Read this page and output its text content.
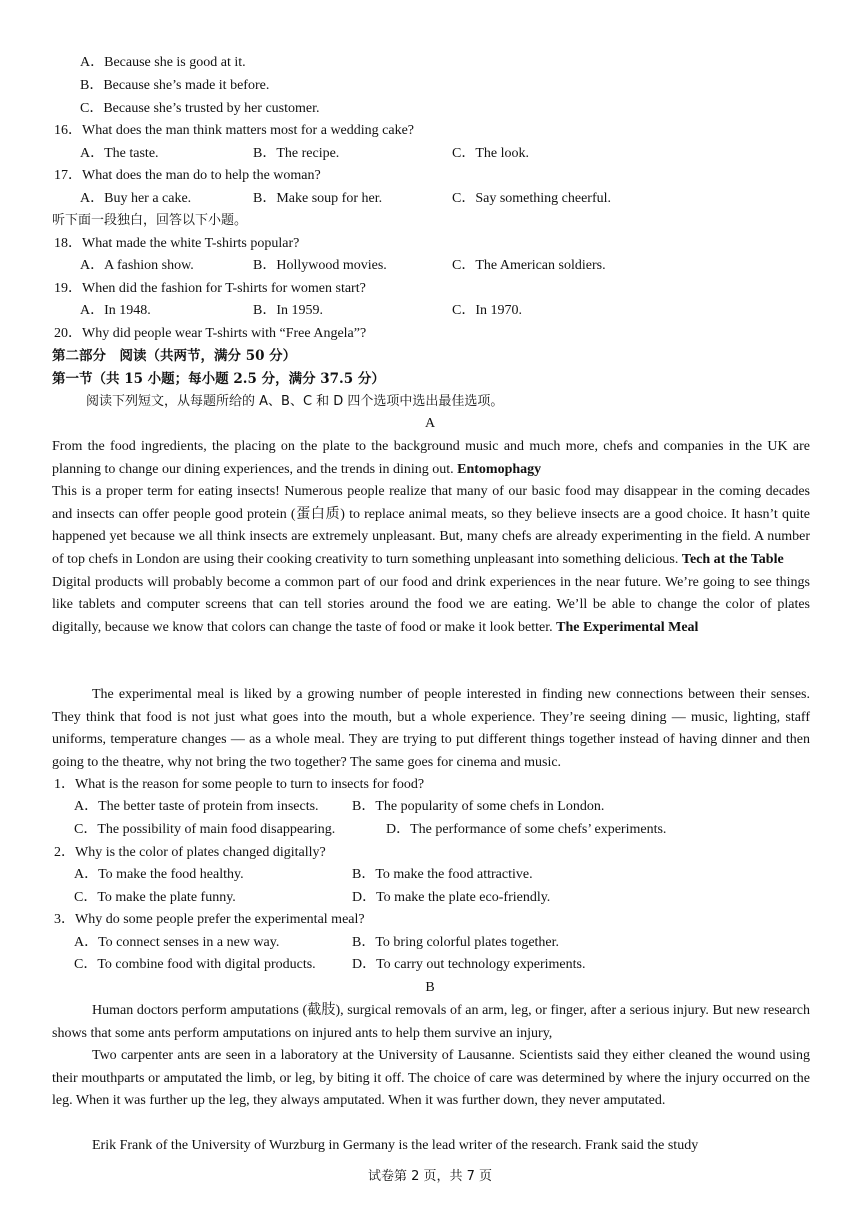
A．Because she is good at it.
B．Because she’s made it before.
C．Because she’s trusted by her customer.
16．What does the man think matters most for a wedding cake?
A．The taste.	B．The recipe.	C．The look.
17．What does the man do to help the woman?
A．Buy her a cake.	B．Make soup for her.	C．Say something cheerful.
听下面一段独白，回答以下小题。
18．What made the white T-shirts popular?
A．A fashion show.	B．Hollywood movies.	C．The American soldiers.
19．When did the fashion for T-shirts for women start?
A．In 1948.	B．In 1959.	C．In 1970.
20．Why did people wear T-shirts with “Free Angela”?
第二部分　阅读（共两节，满分 50 分）
第一节（共 15 小题；每小题 2.5 分，满分 37.5 分）
阅读下列短文，从每题所给的 A、B、C 和 D 四个选项中选出最佳选项。
A

From the food ingredients, the placing on the plate to the background music and much more, chefs and companies in the UK are planning to change our dining experiences, and the trends in dining out. Entomophagy
This is a proper term for eating insects! Numerous people realize that many of our basic food may disappear in the coming decades and insects can offer people good protein (蛋白质) to replace animal meats, so they believe insects are a good choice. It hasn’t quite happened yet because we all think insects are extremely unpleasant. But, many chefs are already experimenting in the field. A number of top chefs in London are using their cooking creativity to turn something unpleasant into something delicious. Tech at the Table
Digital products will probably become a common part of our food and drink experiences in the near future. We’re going to see things like tablets and computer screens that can tell stories around the food we are eating. We’ll be able to change the color of plates digitally, because we know that colors can change the taste of food or make it look better. The Experimental Meal

The experimental meal is liked by a growing number of people interested in finding new connections between their senses. They think that food is not just what goes into the mouth, but a whole experience. They’re seeing dining — music, lighting, staff uniforms, temperature changes — as a whole meal. They are trying to put different things together instead of having dinner and then going to the theatre, why not bring the two together? The same goes for cinema and music.

1．What is the reason for some people to turn to insects for food?
A．The better taste of protein from insects. B．The popularity of some chefs in London.
C．The possibility of main food disappearing.	D．The performance of some chefs’ experiments.
2．Why is the color of plates changed digitally?
A．To make the food healthy.	B．To make the food attractive.
C．To make the plate funny.	D．To make the plate eco-friendly.
3．Why do some people prefer the experimental meal?
A．To connect senses in a new way.	B．To bring colorful plates together.
C．To combine food with digital products.	D．To carry out technology experiments.
B

Human doctors perform amputations (截肢), surgical removals of an arm, leg, or finger, after a serious injury. But new research shows that some ants perform amputations on injured ants to help them survive an injury,

Two carpenter ants are seen in a laboratory at the University of Lausanne. Scientists said they either cleaned the wound using their mouthparts or amputated the limb, or leg, by biting it off. The choice of care was determined by where the injury occurred on the leg. When it was further up the leg, they always amputated. When it was further down, they never amputated.

Erik Frank of the University of Wurzburg in Germany is the lead writer of the research. Frank said the study

试卷第 2 页，共 7 页
